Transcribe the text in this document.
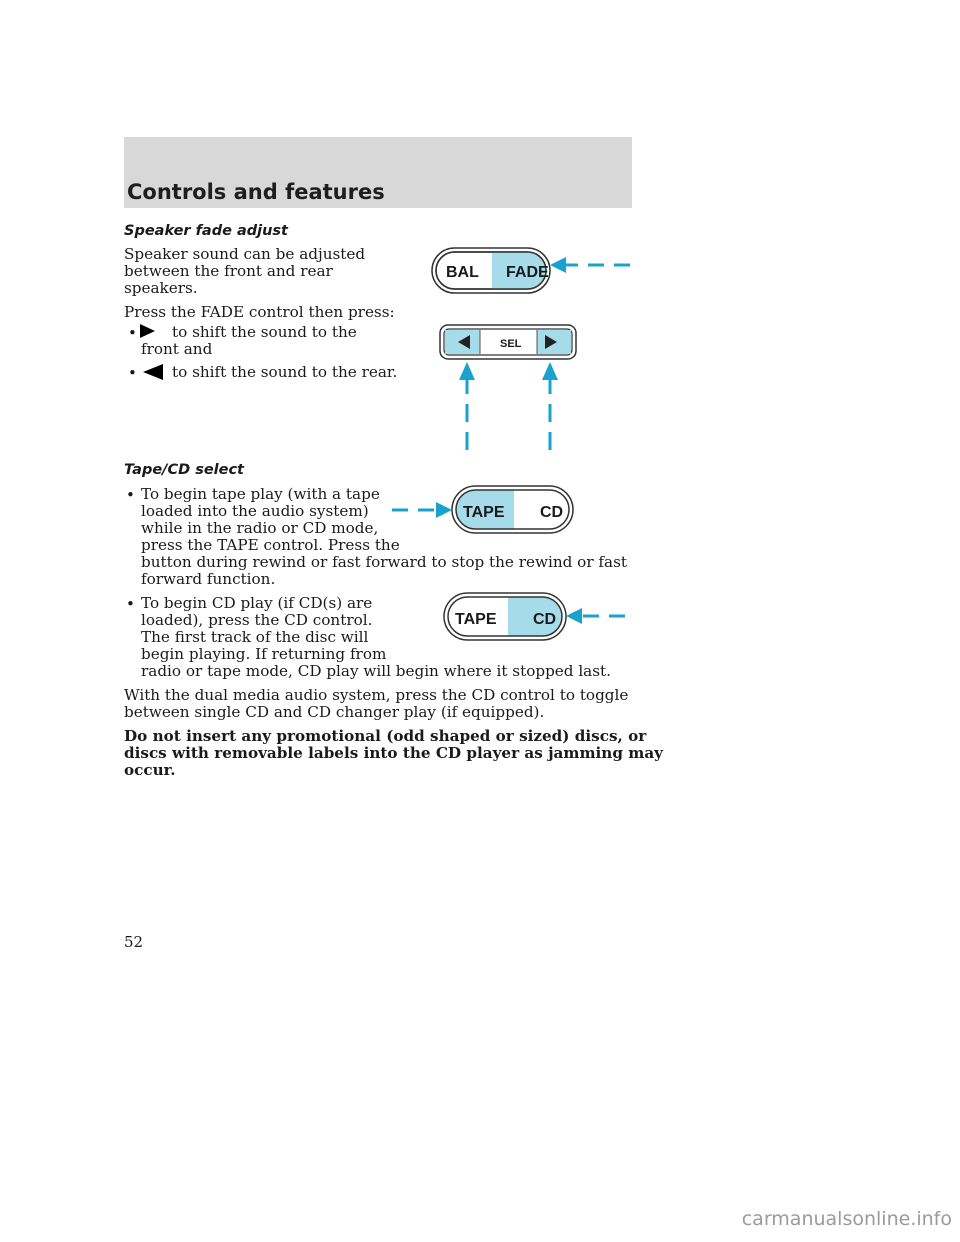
Controls and features
Speaker fade adjust
Speaker sound can be adjusted
between the front and rear
speakers.
Press the FADE control then press:
• to shift the sound to the
front and
• to shift the sound to the rear.
Tape/CD select
• To begin tape play (with a tape
loaded into the audio system)
while in the radio or CD mode,
press the TAPE control. Press the
button during rewind or fast forward to stop the rewind or fast
forward function.
• To begin CD play (if CD(s) are
loaded), press the CD control.
The first track of the disc will
begin playing. If returning from
radio or tape mode, CD play will begin where it stopped last.
With the dual media audio system, press the CD control to toggle
between single CD and CD changer play (if equipped).
Do not insert any promotional (odd shaped or sized) discs, or
discs with removable labels into the CD player as jamming may
occur.
BAL FADE
SEL
TAPE CD
TAPE CD
52
carmanualsonline.info
